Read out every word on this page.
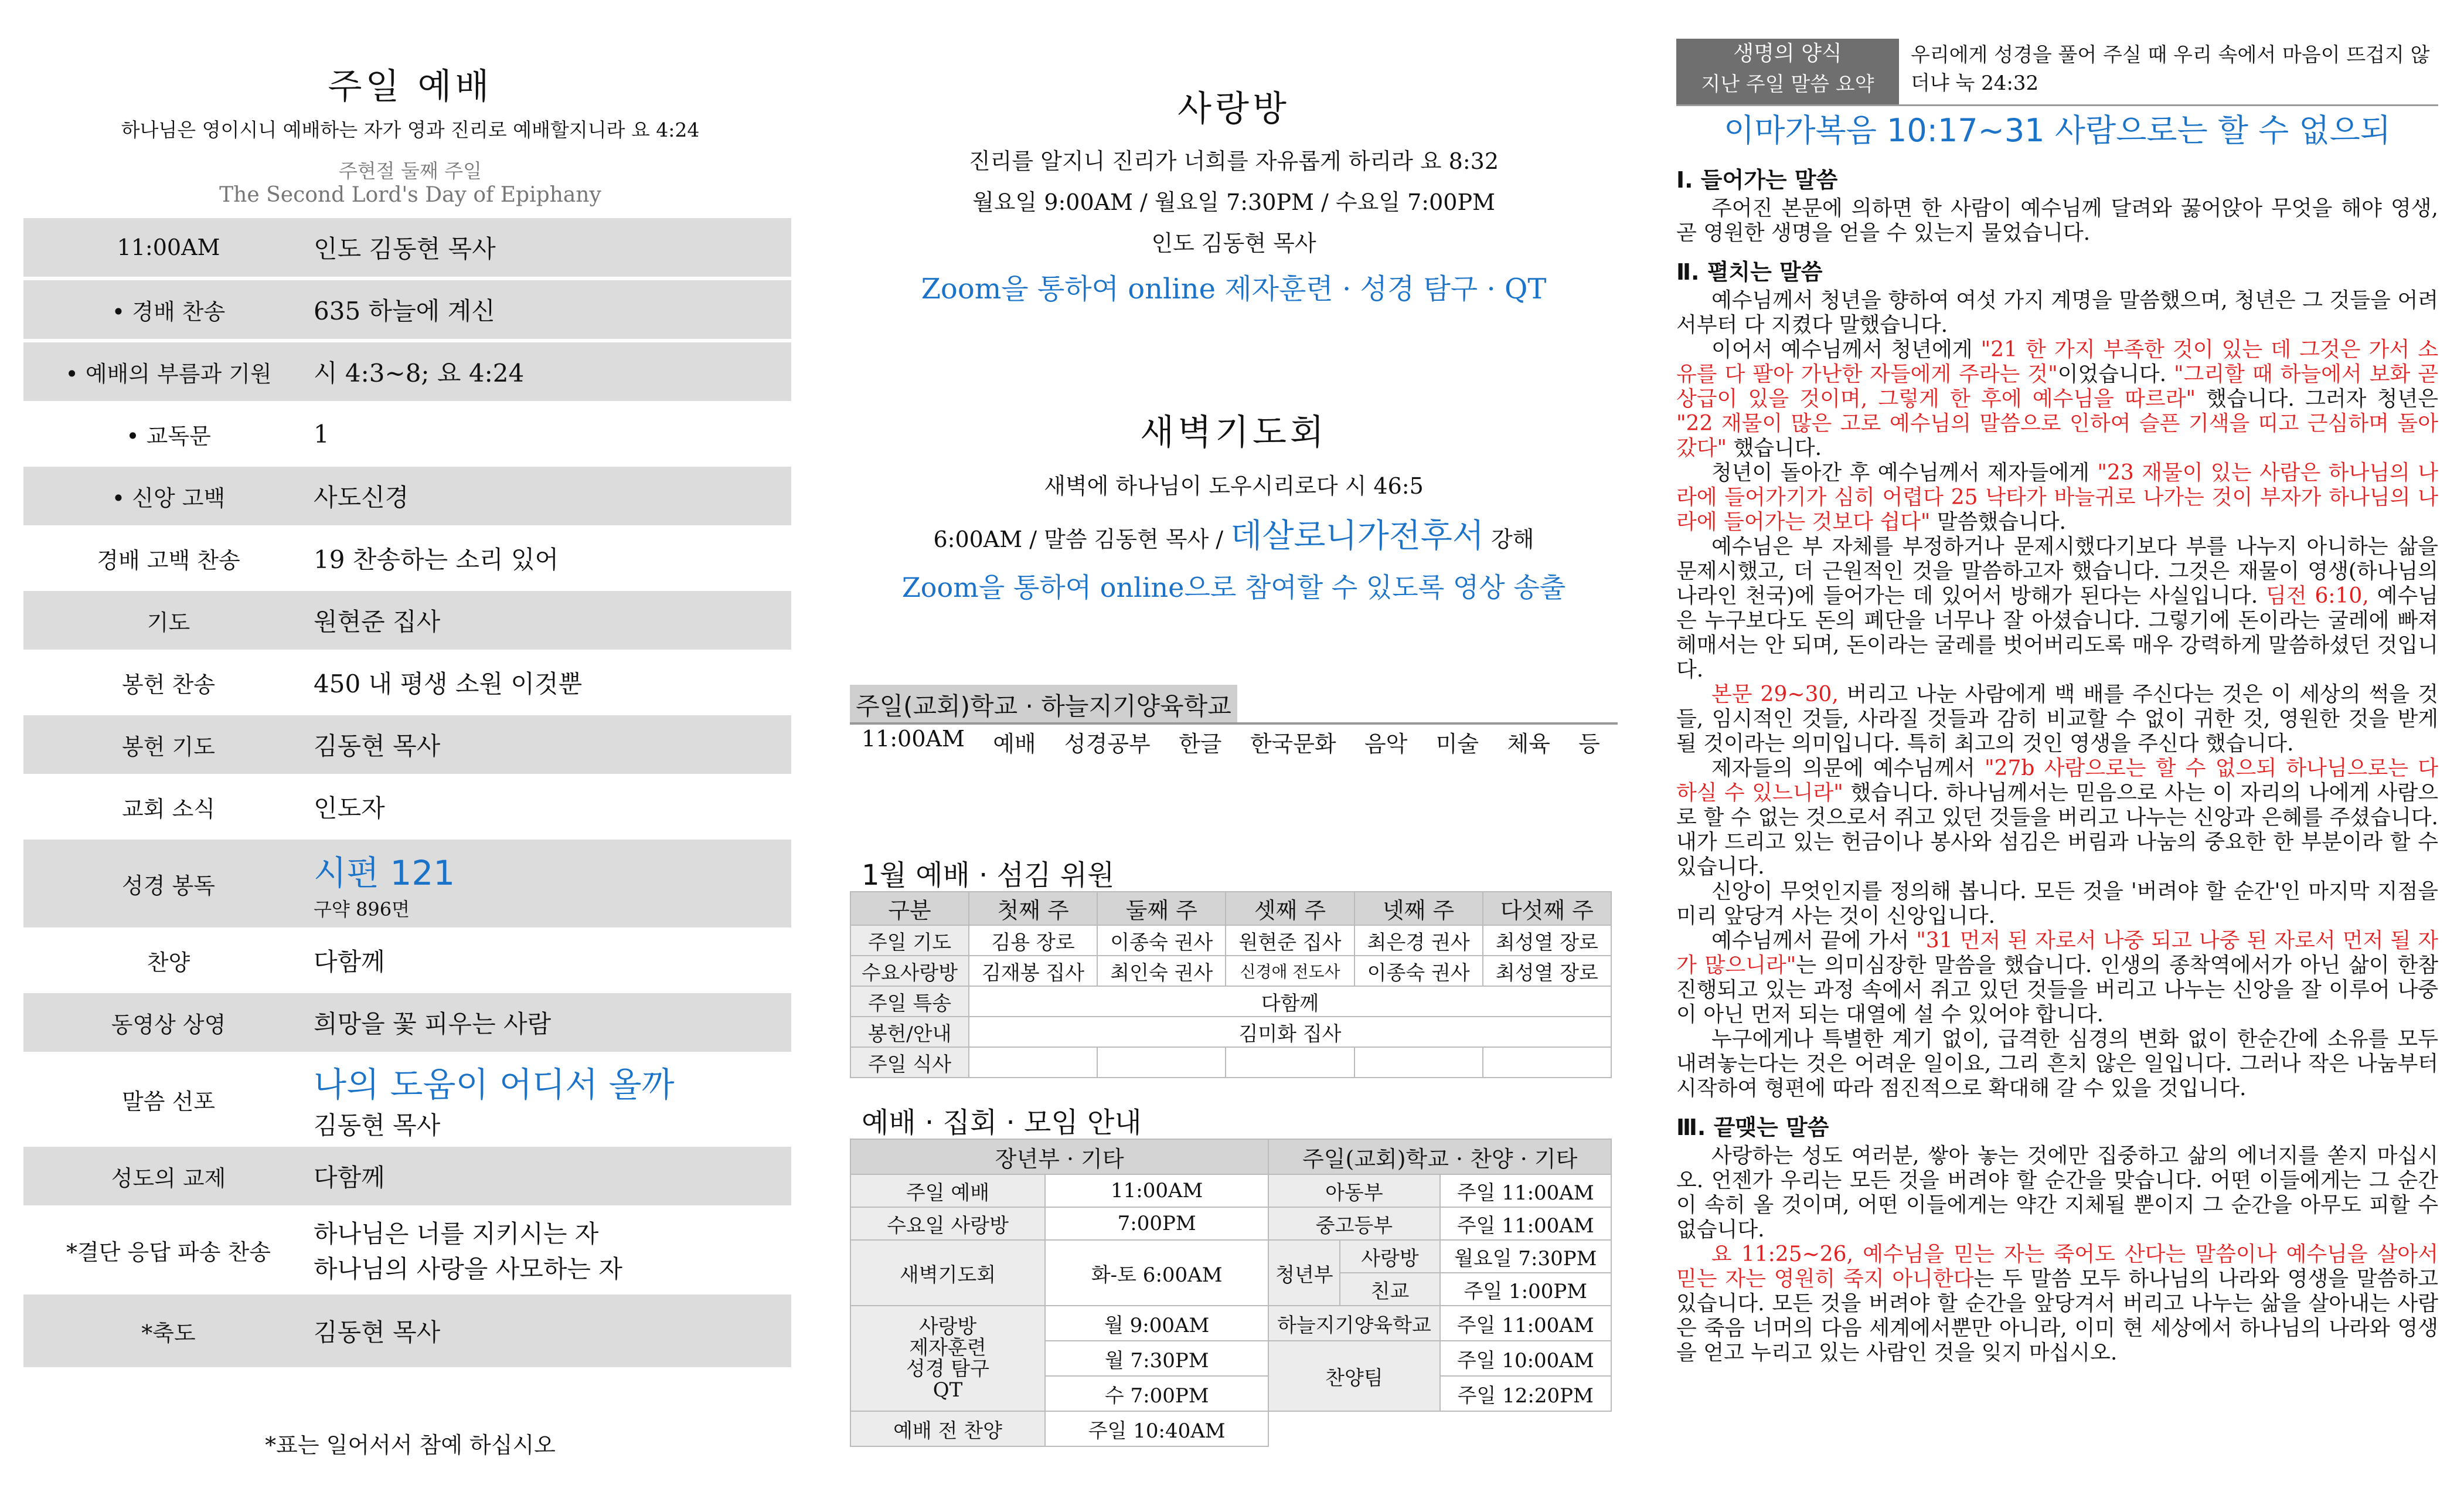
주일 예배
하나님은 영이시니 예배하는 자가 영과 진리로 예배할지니라 요 4:24
주현절 둘째 주일
The Second Lord's Day of Epiphany
11:00AM	인도 김동현 목사
• 경배 찬송	635 하늘에 계신
• 예배의 부름과 기원	시 4:3~8; 요 4:24
• 교독문	1
• 신앙 고백	사도신경
경배 고백 찬송	19 찬송하는 소리 있어
기도	원현준 집사
봉헌 찬송	450 내 평생 소원 이것뿐
봉헌 기도	김동현 목사
교회 소식	인도자
성경 봉독	시편 121
구약 896면
찬양	다함께
동영상 상영	희망을 꽃 피우는 사람
말씀 선포	나의 도움이 어디서 올까
김동현 목사
성도의 교제	다함께
*결단 응답 파송 찬송
하나님은 너를 지키시는 자
하나님의 사랑을 사모하는 자
*축도	김동현 목사
*표는 일어서서 참예 하십시오
사랑방
진리를 알지니 진리가 너희를 자유롭게 하리라 요 8:32
월요일 9:00AM / 월요일 7:30PM / 수요일 7:00PM
인도 김동현 목사
Zoom을 통하여 online 제자훈련 · 성경 탐구 · QT
새벽기도회
새벽에 하나님이 도우시리로다 시 46:5
6:00AM / 말씀 김동현 목사 / 데살로니가전후서 강해
Zoom을 통하여 online으로 참여할 수 있도록 영상 송출
주일(교회)학교 · 하늘지기양육학교
11:00AM 예배 성경공부 한글 한국문화 음악 미술 체육 등
1월 예배 · 섬김 위원
구분	첫째 주	둘째 주	셋째 주	넷째 주	다섯째 주
주일 기도	김용 장로	이종숙 권사	원현준 집사	최은경 권사	최성열 장로
수요사랑방	김재봉 집사	최인숙 권사	신경애 전도사	이종숙 권사	최성열 장로
주일 특송	다함께				
봉헌/안내	김미화 집사				
주일 식사					
예배 · 집회 · 모임 안내
장년부 · 기타		주일(교회)학교 · 찬양 · 기타		
주일 예배	11:00AM	아동부		주일 11:00AM
수요일 사랑방	7:00PM	중고등부		주일 11:00AM
새벽기도회	화-토 6:00AM	청년부	사랑방	월요일 7:30PM
			친교	주일 1:00PM

사랑방
제자훈련
성경 탐구
QT	월 9:00AM	하늘지기양육학교		주일 11:00AM
	월 7:30PM	찬양팀		주일 10:00AM
	수 7:00PM			주일 12:20PM
예배 전 찬양	주일 10:40AM			
생명의 양식
지난 주일 말씀 요약
우리에게 성경을 풀어 주실 때 우리 속에서 마음이 뜨겁지 않더냐 눅 24:32
이마가복음 10:17~31 사람으로는 할 수 없으되
Ⅰ. 들어가는 말씀

주어진 본문에 의하면 한 사람이 예수님께 달려와 꿇어앉아 무엇을 해야 영생, 곧 영원한 생명을 얻을 수 있는지 물었습니다.

Ⅱ. 펼치는 말씀

예수님께서 청년을 향하여 여섯 가지 계명을 말씀했으며, 청년은 그 것들을 어려서부터 다 지켰다 말했습니다.

이어서 예수님께서 청년에게 "21 한 가지 부족한 것이 있는 데 그것은 가서 소유를 다 팔아 가난한 자들에게 주라는 것"이었습니다. "그리할 때 하늘에서 보화 곧 상급이 있을 것이며, 그렇게 한 후에 예수님을 따르라" 했습니다. 그러자 청년은 "22 재물이 많은 고로 예수님의 말씀으로 인하여 슬픈 기색을 띠고 근심하며 돌아갔다" 했습니다.

청년이 돌아간 후 예수님께서 제자들에게 "23 재물이 있는 사람은 하나님의 나라에 들어가기가 심히 어렵다 25 낙타가 바늘귀로 나가는 것이 부자가 하나님의 나라에 들어가는 것보다 쉽다" 말씀했습니다.

예수님은 부 자체를 부정하거나 문제시했다기보다 부를 나누지 아니하는 삶을 문제시했고, 더 근원적인 것을 말씀하고자 했습니다. 그것은 재물이 영생(하나님의 나라인 천국)에 들어가는 데 있어서 방해가 된다는 사실입니다. 딤전 6:10, 예수님은 누구보다도 돈의 폐단을 너무나 잘 아셨습니다. 그렇기에 돈이라는 굴레에 빠져 헤매서는 안 되며, 돈이라는 굴레를 벗어버리도록 매우 강력하게 말씀하셨던 것입니다.

본문 29~30, 버리고 나눈 사람에게 백 배를 주신다는 것은 이 세상의 썩을 것들, 임시적인 것들, 사라질 것들과 감히 비교할 수 없이 귀한 것, 영원한 것을 받게 될 것이라는 의미입니다. 특히 최고의 것인 영생을 주신다 했습니다.

제자들의 의문에 예수님께서 "27b 사람으로는 할 수 없으되 하나님으로는 다 하실 수 있느니라" 했습니다. 하나님께서는 믿음으로 사는 이 자리의 나에게 사람으로 할 수 없는 것으로서 쥐고 있던 것들을 버리고 나누는 신앙과 은혜를 주셨습니다. 내가 드리고 있는 헌금이나 봉사와 섬김은 버림과 나눔의 중요한 한 부분이라 할 수 있습니다.

신앙이 무엇인지를 정의해 봅니다. 모든 것을 '버려야 할 순간'인 마지막 지점을 미리 앞당겨 사는 것이 신앙입니다.

예수님께서 끝에 가서 "31 먼저 된 자로서 나중 되고 나중 된 자로서 먼저 될 자가 많으니라"는 의미심장한 말씀을 했습니다. 인생의 종착역에서가 아닌 삶이 한참 진행되고 있는 과정 속에서 쥐고 있던 것들을 버리고 나누는 신앙을 잘 이루어 나중이 아닌 먼저 되는 대열에 설 수 있어야 합니다.

누구에게나 특별한 계기 없이, 급격한 심경의 변화 없이 한순간에 소유를 모두 내려놓는다는 것은 어려운 일이요, 그리 흔치 않은 일입니다. 그러나 작은 나눔부터 시작하여 형편에 따라 점진적으로 확대해 갈 수 있을 것입니다.

Ⅲ. 끝맺는 말씀

사랑하는 성도 여러분, 쌓아 놓는 것에만 집중하고 삶의 에너지를 쏟지 마십시오. 언젠가 우리는 모든 것을 버려야 할 순간을 맞습니다. 어떤 이들에게는 그 순간이 속히 올 것이며, 어떤 이들에게는 약간 지체될 뿐이지 그 순간을 아무도 피할 수 없습니다.

요 11:25~26, 예수님을 믿는 자는 죽어도 산다는 말씀이나 예수님을 살아서 믿는 자는 영원히 죽지 아니한다는 두 말씀 모두 하나님의 나라와 영생을 말씀하고 있습니다. 모든 것을 버려야 할 순간을 앞당겨서 버리고 나누는 삶을 살아내는 사람은 죽음 너머의 다음 세계에서뿐만 아니라, 이미 현 세상에서 하나님의 나라와 영생을 얻고 누리고 있는 사람인 것을 잊지 마십시오.
